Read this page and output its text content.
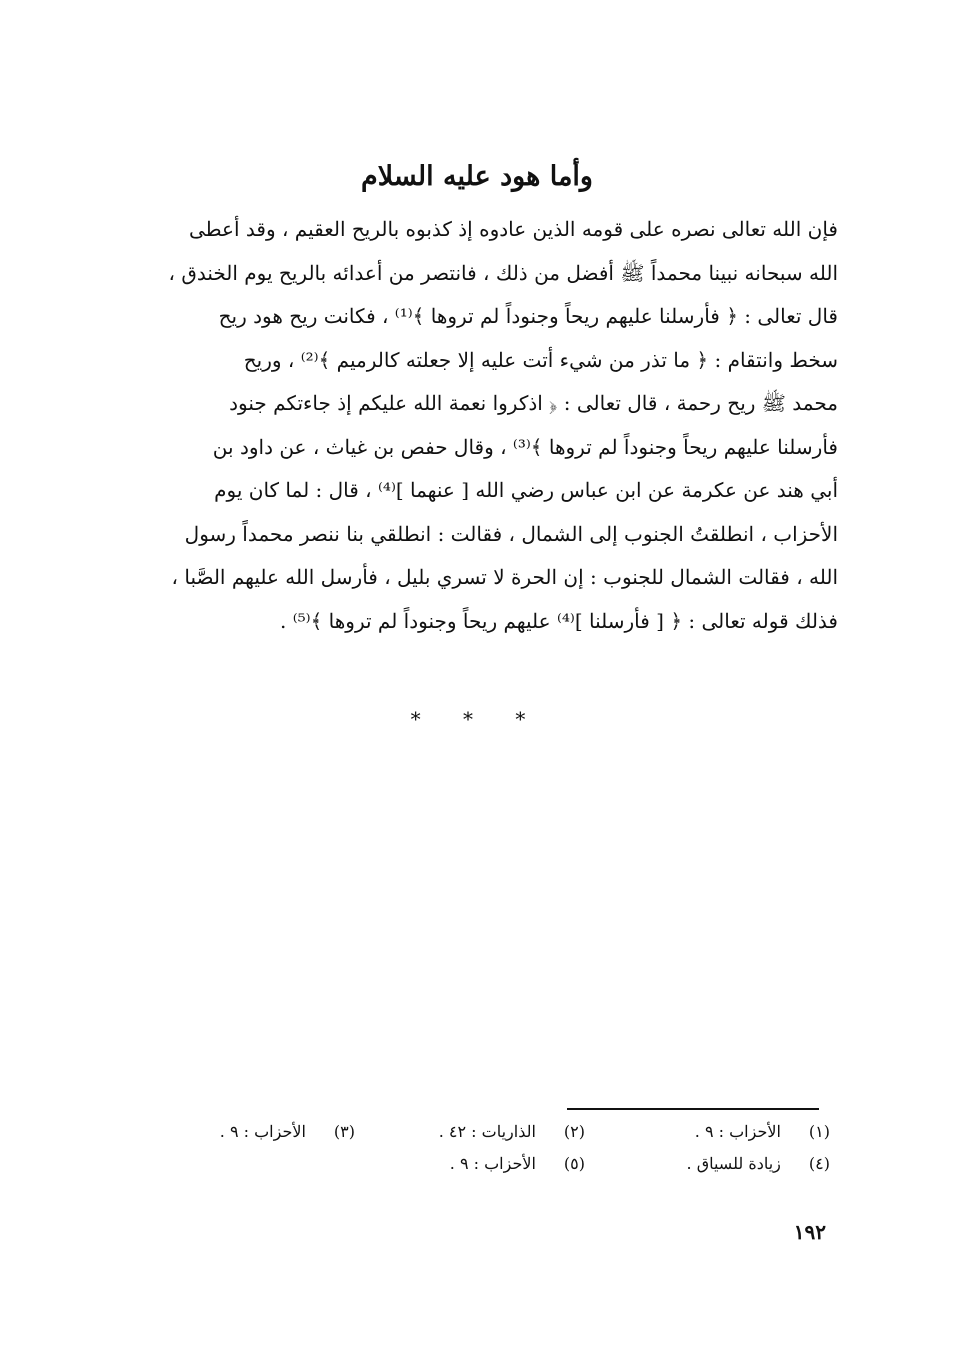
وأما هود عليه السلام
فإن الله تعالى نصره على قومه الذين عادوه إذ كذبوه بالريح العقيم ، وقد أعطى
الله سبحانه نبينا محمداً ﷺ أفضل من ذلك ، فانتصر من أعدائه بالريح يوم الخندق ،
قال تعالى : ﴿ فأرسلنا عليهم ريحاً وجنوداً لم تروها ﴾⁽¹⁾ ، فكانت ريح هود ريح
سخط وانتقام : ﴿ ما تذر من شيء أتت عليه إلا جعلته كالرميم ﴾⁽²⁾ ، وريح
محمد ﷺ ريح رحمة ، قال تعالى : ﴿ اذكروا نعمة الله عليكم إذ جاءتكم جنود
فأرسلنا عليهم ريحاً وجنوداً لم تروها ﴾⁽³⁾ ، وقال حفص بن غياث ، عن داود بن
أبي هند عن عكرمة عن ابن عباس رضي الله [ عنهما ]⁽⁴⁾ ، قال : لما كان يوم
الأحزاب ، انطلقتُ الجنوب إلى الشمال ، فقالت : انطلقي بنا ننصر محمداً رسول
الله ، فقالت الشمال للجنوب : إن الحرة لا تسري بليل ، فأرسل الله عليهم الصَّبا ،
فذلك قوله تعالى : ﴿ [ فأرسلنا ]⁽⁴⁾ عليهم ريحاً وجنوداً لم تروها ﴾⁽⁵⁾ .
* * *
(١)الأحزاب : ٩ .
(٢)الذاريات : ٤٢ .
(٣)الأحزاب : ٩ .
(٤)زيادة للسياق .
(٥)الأحزاب : ٩ .
١٩٢
